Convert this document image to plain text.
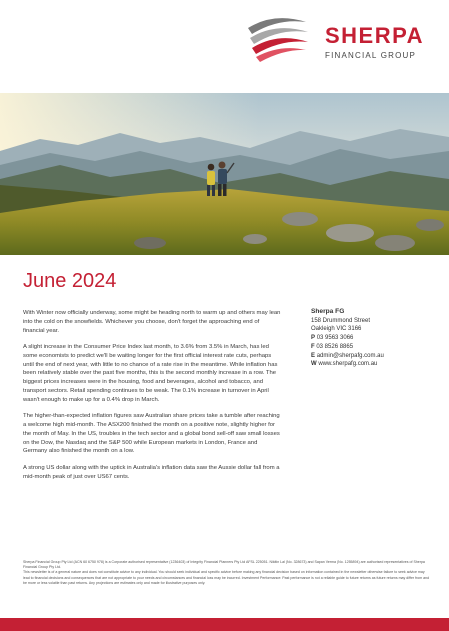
SHERPA
FINANCIAL GROUP
June 2024

With Winter now officially underway, some might be heading north to warm up and others may lean into the cold on the snowfields. Whichever you choose, don't forget the approaching end of financial year.

A slight increase in the Consumer Price Index last month, to 3.6% from 3.5% in March, has led some economists to predict we'll be waiting longer for the first official interest rate cuts, perhaps until the end of next year, with little to no chance of a rate rise in the meantime. While inflation has been relatively stable over the past five months, this is the second monthly increase in a row. The biggest prices increases were in the housing, food and beverages, alcohol and tobacco, and transport sectors. Retail spending continues to be weak. The 0.1% increase in turnover in April wasn't enough to make up for a 0.4% drop in March.

The higher-than-expected inflation figures saw Australian share prices take a tumble after reaching a welcome high mid-month. The ASX200 finished the month on a positive note, slightly higher for the month of May. In the US, troubles in the tech sector and a global bond sell-off saw small losses on the Dow, the Nasdaq and the S&P 500 while European markets in London, France and Germany also finished the month on a low.

A strong US dollar along with the uptick in Australia's inflation data saw the Aussie dollar fall from a mid-month peak of just over US67 cents.

Sherpa FG
158 Drummond Street
Oakleigh VIC 3166
P 03 9563 3066
F 03 8526 8865
E admin@sherpafg.com.au
W www.sherpafg.com.au

Sherpa Financial Group Pty Ltd (ACN 60 6750 978) is a Corporate authorised representative (1236403) of Integrity Financial Planners Pty Ltd AFSL 225051. Nikitin Lal (No. 328673) and Sapan Verma (No. 1255894) are authorised representatives of Sherpa Financial Group Pty Ltd.

This newsletter is of a general nature and does not constitute advice to any individual. You should seek individual and specific advice before making any financial decision based on information contained in the newsletter otherwise failure to seek advice may lead to financial decisions and consequences that are not appropriate to your needs and circumstances and financial loss may be incurred. Investment Performance: Past performance is not a reliable guide to future returns as future returns may differ from and be more or less volatile than past returns. Any projections are estimates only and made for illustrative purposes only.
